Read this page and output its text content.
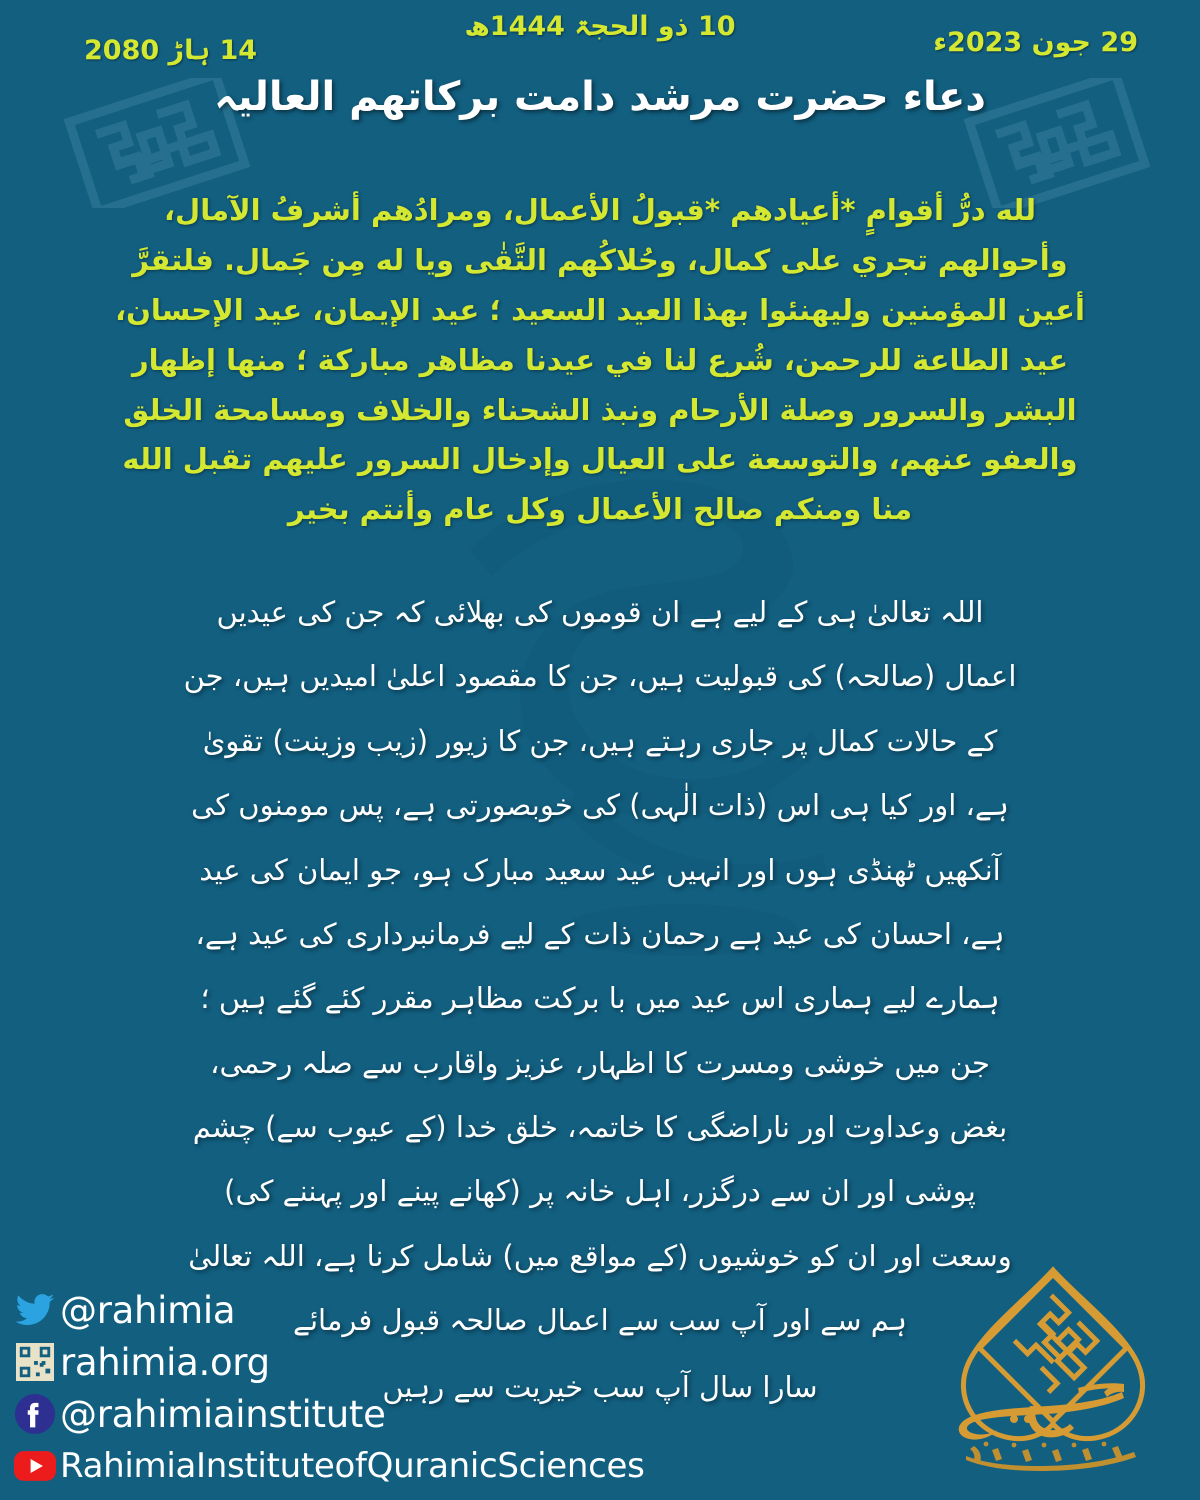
14 ہاڑ 2080
10 ذو الحجۃ 1444ھ
29 جون 2023ء
دعاء حضرت مرشد دامت بركاتهم العالیہ
لله درُّ أقوامٍ *أعيادهم *قبولُ الأعمال، ومرادُهم أشرفُ الآمال، وأحوالهم تجري على كمال، وحُلاكُهم التَّقٰى ويا له مِن جَمال. فلتقرَّ أعين المؤمنين وليهنئوا بهذا العيد السعيد ؛ عيد الإيمان، عيد الإحسان، عيد الطاعة للرحمن، شُرع لنا في عيدنا مظاهر مباركة ؛ منها إظهار البشر والسرور وصلة الأرحام ونبذ الشحناء والخلاف ومسامحة الخلق والعفو عنهم، والتوسعة على العيال وإدخال السرور عليهم تقبل الله منا ومنكم صالح الأعمال وكل عام وأنتم بخير
اللہ تعالیٰ ہی کے لیے ہے ان قوموں کی بھلائی کہ جن کی عیدیں اعمال (صالحہ) کی قبولیت ہیں، جن کا مقصود اعلیٰ امیدیں ہیں، جن کے حالات کمال پر جاری رہتے ہیں، جن کا زیور (زیب وزینت) تقویٰ ہے، اور کیا ہی اس (ذات الٰہی) کی خوبصورتی ہے، پس مومنوں کی آنکھیں ٹھنڈی ہوں اور انہیں عید سعید مبارک ہو، جو ایمان کی عید ہے، احسان کی عید ہے رحمان ذات کے لیے فرمانبرداری کی عید ہے، ہمارے لیے ہماری اس عید میں با برکت مظاہر مقرر کئے گئے ہیں ؛ جن میں خوشی ومسرت کا اظہار، عزیز واقارب سے صلہ رحمی، بغض وعداوت اور ناراضگی کا خاتمہ، خلق خدا (کے عیوب سے) چشم پوشی اور ان سے درگزر، اہل خانہ پر (کھانے پینے اور پہننے کی) وسعت اور ان کو خوشیوں (کے مواقع میں) شامل کرنا ہے، اللہ تعالیٰ ہم سے اور آپ سب سے اعمال صالحہ قبول فرمائے
سارا سال آپ سب خیریت سے رہیں
@rahimia
rahimia.org
@rahimiainstitute
RahimiaInstituteofQuranicSciences
